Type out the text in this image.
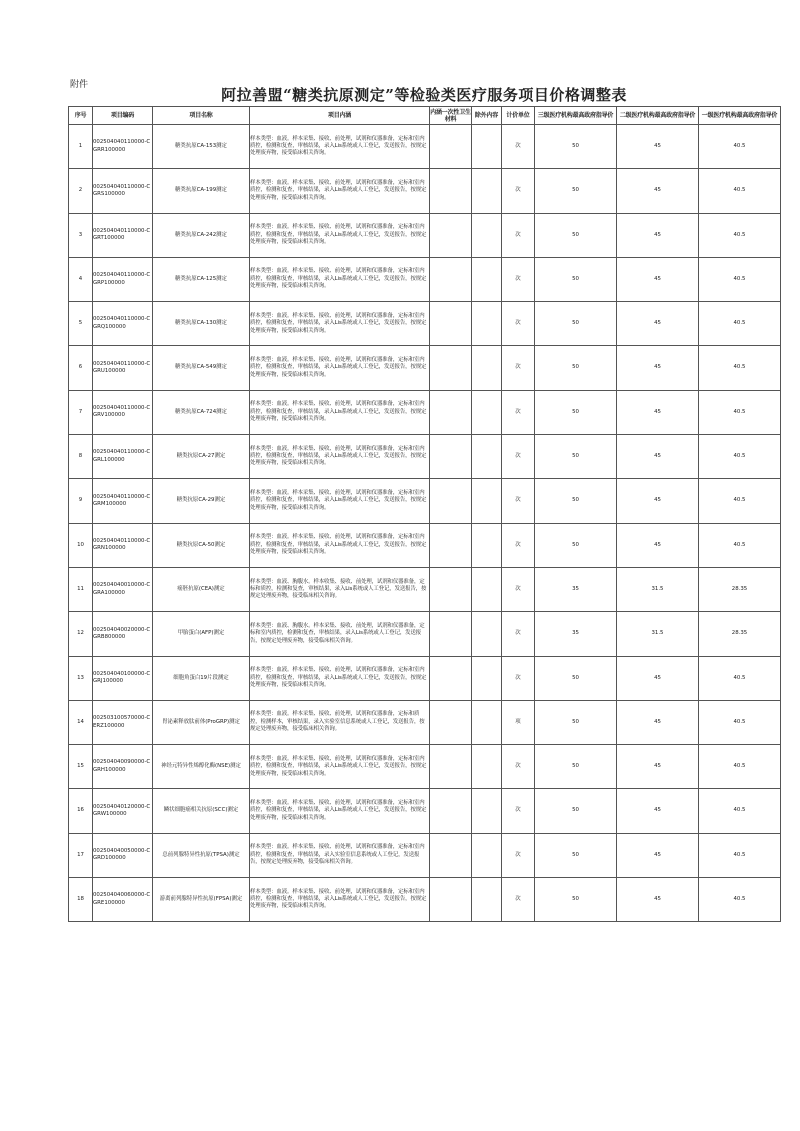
附件
阿拉善盟“糖类抗原测定”等检验类医疗服务项目价格调整表
序号	项目编码	项目名称	项目内涵	内涵一次性卫生材料	除外内容	计价单位	三级医疗机构最高政府指导价	二级医疗机构最高政府指导价	一级医疗机构最高政府指导价
1	002504040110000-CGRR100000	糖类抗原CA-153测定	样本类型：血液。样本采集、接收、前处理，试剂和仪器准备，定标和室内质控，检测和复查，审核结果，录入Lis系统或人工登记，发送报告，按规定处理废弃物，接受临床相关咨询。			次	50	45	40.5
2	002504040110000-CGRS100000	糖类抗原CA-199测定	样本类型：血液。样本采集、接收、前处理，试剂和仪器准备，定标和室内质控，检测和复查，审核结果，录入Lis系统或人工登记，发送报告，按规定处理废弃物，接受临床相关咨询。			次	50	45	40.5
3	002504040110000-CGRT100000	糖类抗原CA-242测定	样本类型：血液。样本采集、接收、前处理，试剂和仪器准备，定标和室内质控，检测和复查，审核结果，录入Lis系统或人工登记，发送报告，按规定处理废弃物，接受临床相关咨询。			次	50	45	40.5
4	002504040110000-CGRP100000	糖类抗原CA-125测定	样本类型：血液。样本采集、接收、前处理，试剂和仪器准备，定标和室内质控，检测和复查，审核结果，录入Lis系统或人工登记，发送报告，按规定处理废弃物，接受临床相关咨询。			次	50	45	40.5
5	002504040110000-CGRQ100000	糖类抗原CA-130测定	样本类型：血液。样本采集、接收、前处理，试剂和仪器准备，定标和室内质控，检测和复查，审核结果，录入Lis系统或人工登记，发送报告，按规定处理废弃物，接受临床相关咨询。			次	50	45	40.5
6	002504040110000-CGRU100000	糖类抗原CA-549测定	样本类型：血液。样本采集、接收、前处理，试剂和仪器准备，定标和室内质控，检测和复查，审核结果，录入Lis系统或人工登记，发送报告，按规定处理废弃物，接受临床相关咨询。			次	50	45	40.5
7	002504040110000-CGRV100000	糖类抗原CA-724测定	样本类型：血液。样本采集、接收、前处理，试剂和仪器准备，定标和室内质控，检测和复查，审核结果，录入Lis系统或人工登记，发送报告，按规定处理废弃物，接受临床相关咨询。			次	50	45	40.5
8	002504040110000-CGRL100000	糖类抗原CA-27测定	样本类型：血液。样本采集、接收、前处理，试剂和仪器准备，定标和室内质控，检测和复查，审核结果，录入Lis系统或人工登记，发送报告，按规定处理废弃物，接受临床相关咨询。			次	50	45	40.5
9	002504040110000-CGRM100000	糖类抗原CA-29测定	样本类型：血液。样本采集、接收、前处理，试剂和仪器准备，定标和室内质控，检测和复查，审核结果，录入Lis系统或人工登记，发送报告，按规定处理废弃物，接受临床相关咨询。			次	50	45	40.5
10	002504040110000-CGRN100000	糖类抗原CA-50测定	样本类型：血液。样本采集、接收、前处理，试剂和仪器准备，定标和室内质控，检测和复查，审核结果，录入Lis系统或人工登记，发送报告，按规定处理废弃物，接受临床相关咨询。			次	50	45	40.5
11	002504040010000-CGRA100000	癌胚抗原(CEA)测定	样本类型：血液、胸腹水。样本收集、接收、前处理，试剂和仪器准备，定标和质控，检测和复查，审核结果，录入Lis系统或人工登记，发送报告，按规定处理废弃物，接受临床相关咨询。			次	35	31.5	28.35
12	002504040020000-CGRB800000	甲胎蛋白(AFP)测定	样本类型：血液、胸腹水。样本采集、接收、前处理，试剂和仪器准备，定标和室内质控，检测和复查，审核结果，录入Lis系统或人工登记，发送报告，按规定处理废弃物，接受临床相关咨询。			次	35	31.5	28.35
13	002504040100000-CGRJ100000	细胞角蛋白19片段测定	样本类型：血液。样本采集、接收、前处理，试剂和仪器准备，定标和室内质控，检测和复查，审核结果，录入Lis系统或人工登记，发送报告，按规定处理废弃物，接受临床相关咨询。			次	50	45	40.5
14	002503100570000-CERZ100000	胃泌素释放肽前体(ProGRP)测定	样本类型：血液。样本采集、接收、前处理，试剂和仪器准备，定标和质控，检测样本，审核结果，录入实验室信息系统或人工登记，发送报告，按规定处理废弃物，接受临床相关咨询。			项	50	45	40.5
15	002504040090000-CGRH100000	神经元特异性烯醇化酶(NSE)测定	样本类型：血液。样本采集、接收、前处理，试剂和仪器准备，定标和室内质控，检测和复查，审核结果，录入Lis系统或人工登记，发送报告，按规定处理废弃物，接受临床相关咨询。			次	50	45	40.5
16	002504040120000-CGRW100000	鳞状细胞癌相关抗原(SCC)测定	样本类型：血液。样本采集、接收、前处理，试剂和仪器准备，定标和室内质控，检测和复查，审核结果，录入Lis系统或人工登记，发送报告，按规定处理废弃物，接受临床相关咨询。			次	50	45	40.5
17	002504040050000-CGRD100000	总前列腺特异性抗原(TPSA)测定	样本类型：血液。样本采集、接收、前处理，试剂和仪器准备，定标和室内质控，检测和复查，审核结果，录入实验室信息系统或人工登记，发送报告，按规定处理废弃物，接受临床相关咨询。			次	50	45	40.5
18	002504040060000-CGRE100000	游离前列腺特异性抗原(FPSA)测定	样本类型：血液。样本采集、接收、前处理，试剂和仪器准备，定标和室内质控，检测和复查，审核结果，录入Lis系统或人工登记，发送报告，按规定处理废弃物，接受临床相关咨询。			次	50	45	40.5
